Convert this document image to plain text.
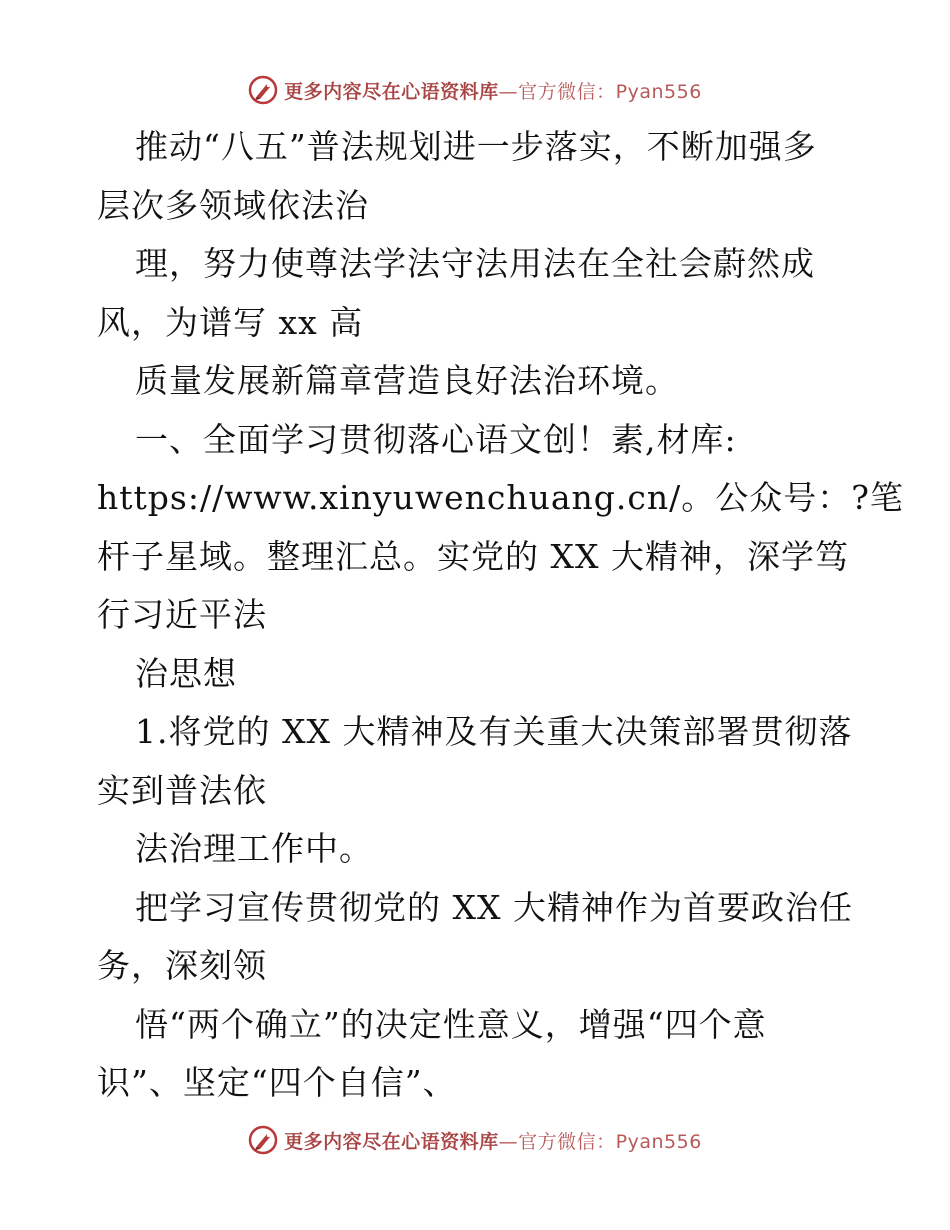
更多内容尽在心语资料库—官方微信：Pyan556
推动“八五”普法规划进一步落实，不断加强多
层次多领域依法治
理，努力使尊法学法守法用法在全社会蔚然成
风，为谱写 xx 高
质量发展新篇章营造良好法治环境。
一、全面学习贯彻落心语文创！素,材库:
https://www.xinyuwenchuang.cn/。公众号：?笔
杆子星域。整理汇总。实党的 XX 大精神，深学笃
行习近平法
治思想
1.将党的 XX 大精神及有关重大决策部署贯彻落
实到普法依
法治理工作中。
把学习宣传贯彻党的 XX 大精神作为首要政治任
务，深刻领
悟“两个确立”的决定性意义，增强“四个意
识”、坚定“四个自信”、
更多内容尽在心语资料库—官方微信：Pyan556
